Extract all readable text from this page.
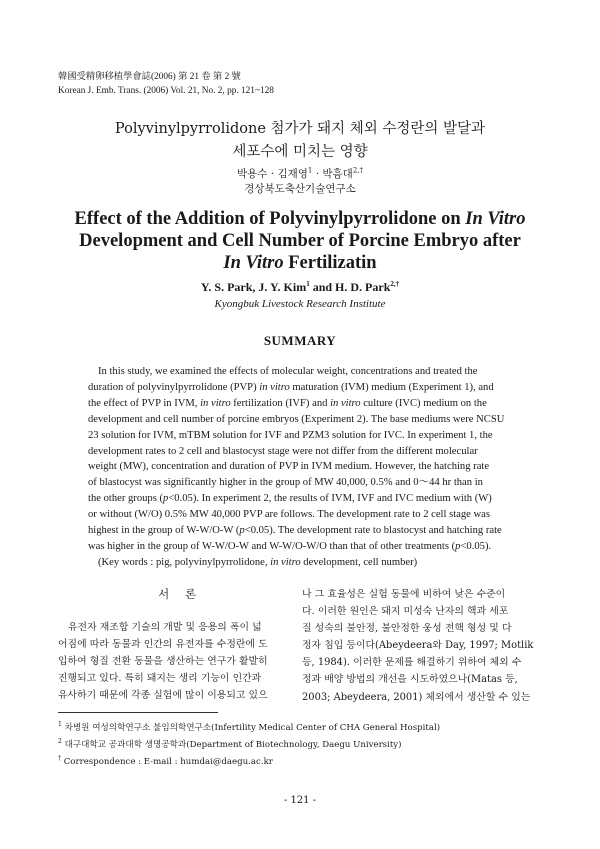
韓國受精卵移植學會誌(2006) 第 21 卷 第 2 號
Korean J. Emb. Trans. (2006) Vol. 21, No. 2, pp. 121~128
Polyvinylpyrrolidone 첨가가 돼지 체외 수정란의 발달과
세포수에 미치는 영향
박용수 · 김재영$^1$ · 박흠대$^{2,\dagger}$
경상북도축산기술연구소
Effect of the Addition of Polyvinylpyrrolidone on In Vitro
Development and Cell Number of Porcine Embryo after
In Vitro Fertilizatin
Y. S. Park, J. Y. Kim$^1$ and H. D. Park$^{2,\dagger}$
Kyongbuk Livestock Research Institute
SUMMARY
In this study, we examined the effects of molecular weight, concentrations and treated the
duration of polyvinylpyrrolidone (PVP) in vitro maturation (IVM) medium (Experiment 1), and
the effect of PVP in IVM, in vitro fertilization (IVF) and in vitro culture (IVC) medium on the
development and cell number of porcine embryos (Experiment 2). The base mediums were NCSU
23 solution for IVM, mTBM solution for IVF and PZM3 solution for IVC. In experiment 1, the
development rates to 2 cell and blastocyst stage were not differ from the different molecular
weight (MW), concentration and duration of PVP in IVM medium. However, the hatching rate
of blastocyst was significantly higher in the group of MW 40,000, 0.5% and 0～44 hr than in
the other groups (p<0.05). In experiment 2, the results of IVM, IVF and IVC medium with (W)
or without (W/O) 0.5% MW 40,000 PVP are follows. The development rate to 2 cell stage was
highest in the group of W-W/O-W (p<0.05). The development rate to blastocyst and hatching rate
was higher in the group of W-W/O-W and W-W/O-W/O than that of other treatments (p<0.05).
(Key words : pig, polyvinylpyrrolidone, in vitro development, cell number)
서 론
유전자 재조합 기술의 개발 및 응용의 폭이 넓
어짐에 따라 동물과 인간의 유전자를 수정란에 도
입하여 형질 전환 동물을 생산하는 연구가 활발히
진행되고 있다. 특히 돼지는 생리 기능이 인간과
유사하기 때문에 각종 실험에 많이 이용되고 있으
나 그 효율성은 실험 동물에 비하여 낮은 수준이
다. 이러한 원인은 돼지 미성숙 난자의 핵과 세포
질 성숙의 불안정, 불안정한 웅성 전핵 형성 및 다
정자 침입 등이다(Abeydeera와 Day, 1997; Motlik
등, 1984). 이러한 문제를 해결하기 위하여 체외 수
정과 배양 방법의 개선을 시도하였으나(Matas 등,
2003; Abeydeera, 2001) 체외에서 생산할 수 있는
$^1$ 차병원 여성의학연구소 불임의학연구소(Infertility Medical Center of CHA General Hospital)
$^2$ 대구대학교 공과대학 생명공학과(Department of Biotechnology, Daegu University)
† Correspondence : E-mail : humdai@daegu.ac.kr
- 121 -
